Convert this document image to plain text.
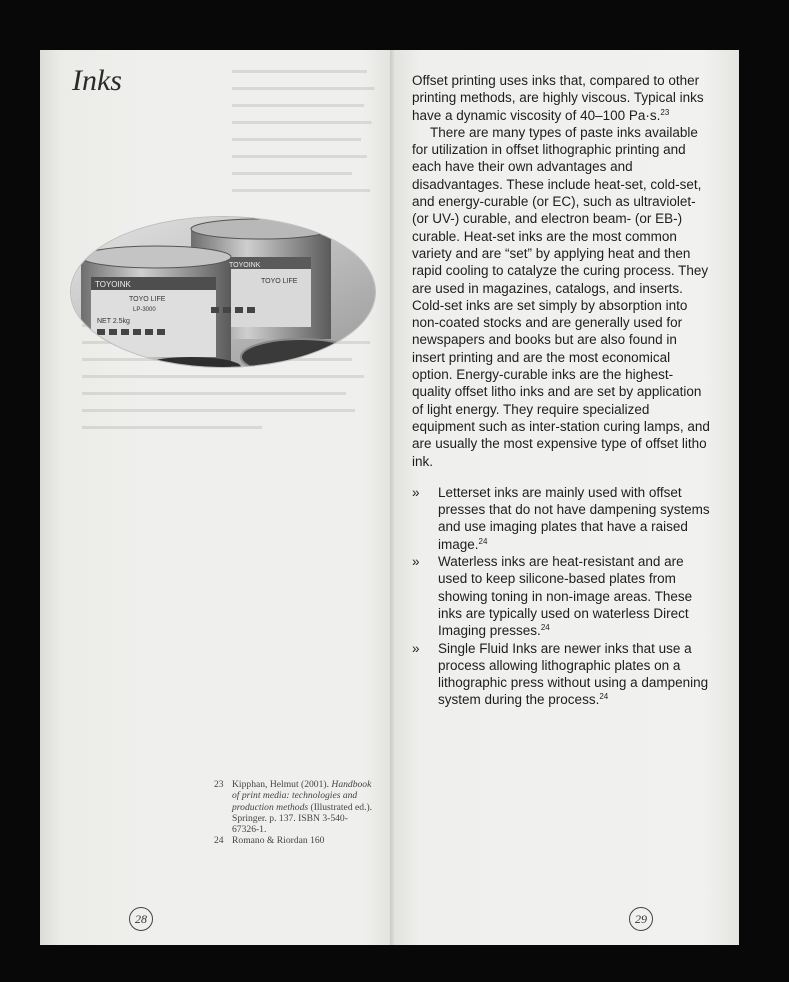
Inks
TOYOINK
TOYO LIFE
TOYOINK
TOYO LIFE
LP-3000
NET 2.5kg

23 Kipphan, Helmut (2001). Handbook of print media: technologies and production methods (Illustrated ed.). Springer. p. 137. ISBN 3-540-67326-1.

24 Romano & Riordan 160

28

Offset printing uses inks that, compared to other printing methods, are highly viscous. Typical inks have a dynamic viscosity of 40–100 Pa·s.$^{23}$

There are many types of paste inks available for utilization in offset lithographic printing and each have their own advantages and disadvantages. These include heat-set, cold-set, and energy-curable (or EC), such as ultraviolet- (or UV-) curable, and electron beam- (or EB-) curable. Heat-set inks are the most common variety and are “set” by applying heat and then rapid cooling to catalyze the curing process. They are used in magazines, catalogs, and inserts. Cold-set inks are set simply by absorption into non-coated stocks and are generally used for newspapers and books but are also found in insert printing and are the most economical option. Energy-curable inks are the highest-quality offset litho inks and are set by application of light energy. They require specialized equipment such as inter-station curing lamps, and are usually the most expensive type of offset litho ink.

»	Letterset inks are mainly used with offset presses that do not have dampening systems and use imaging plates that have a raised image.$^{24}$
»	Waterless inks are heat-resistant and are used to keep silicone-based plates from showing toning in non-image areas. These inks are typically used on waterless Direct Imaging presses.$^{24}$
»	Single Fluid Inks are newer inks that use a process allowing lithographic plates on a lithographic press without using a dampening system during the process.$^{24}$
29
